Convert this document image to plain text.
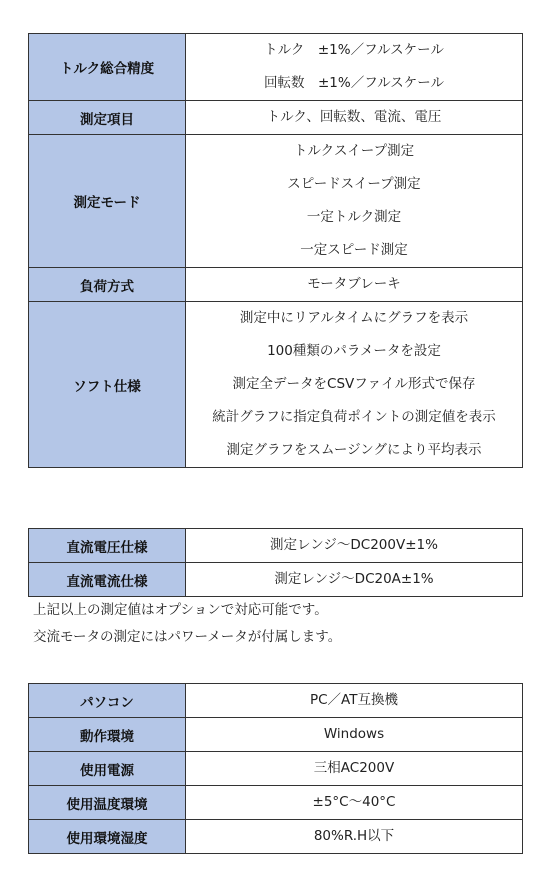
トルク総合精度	トルク　±1%／フルスケール
回転数　±1%／フルスケール

測定項目	トルク、回転数、電流、電圧

測定モード	トルクスイープ測定
スピードスイープ測定
一定トルク測定
一定スピード測定

負荷方式	モータブレーキ

ソフト仕様	測定中にリアルタイムにグラフを表示
100種類のパラメータを設定
測定全データをCSVファイル形式で保存
統計グラフに指定負荷ポイントの測定値を表示
測定グラフをスムージングにより平均表示
直流電圧仕様	測定レンジ～DC200V±1%

直流電流仕様	測定レンジ～DC20A±1%
上記以上の測定値はオプションで対応可能です。
交流モータの測定にはパワーメータが付属します。
パソコン	PC／AT互換機

動作環境	Windows

使用電源	三相AC200V

使用温度環境	±5°C～40°C

使用環境湿度	80%R.H以下
